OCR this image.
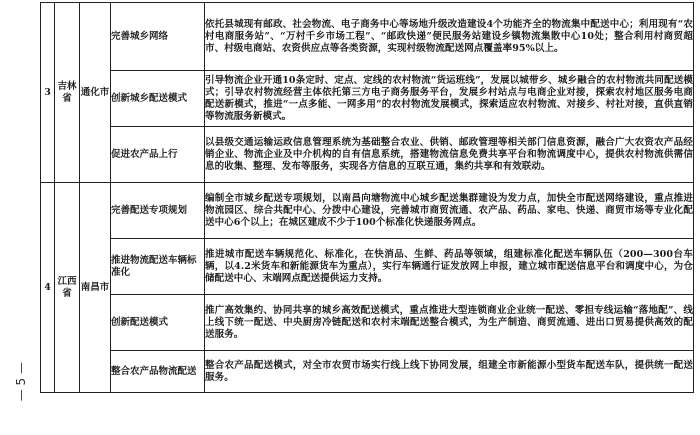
— 5 —
3	吉林省	通化市	完善城乡网络	依托县城现有邮政、社会物流、电子商务中心等场地升级改造建设4个功能齐全的物流集中配送中心；利用现有“农村电商服务站”、“万村千乡市场工程”、“邮政快递”便民服务站建设乡镇物流集散中心10处；整合利用村商贸超市、村级电商站、农资供应点等各类资源，实现村级物流配送网点覆盖率95%以上。
			创新城乡配送模式	引导物流企业开通10条定时、定点、定线的农村物流“货运班线”，发展以城带乡、城乡融合的农村物流共同配送模式；引导农村物流经营主体依托第三方电子商务服务平台，发展乡村站点与电商企业对接，探索农村地区服务电商配送新模式，推进“一点多能、一网多用”的农村物流发展模式，探索适应农村物流、对接乡、村社对接，直供直销等物流服务新模式。
			促进农产品上行	以县级交通运输运政信息管理系统为基础整合农业、供销、邮政管理等相关部门信息资源，融合广大农资农产品经销企业、物流企业及中介机构的自有信息系统，搭建物流信息免费共享平台和物流调度中心，提供农村物流供需信息的收集、整理、发布等服务，实现各方信息的互联互通，集约共享和有效联动。
4	江西省	南昌市	完善配送专项规划	编制全市城乡配送专项规划，以南昌向塘物流中心城乡配送集群建设为发力点，加快全市配送网络建设，重点推进物流园区、综合共配中心、分拨中心建设，完善城市商贸流通、农产品、药品、家电、快递、商贸市场等专业化配送中心6个以上；在城区建成不少于100个标准化快递服务网点。
			推进物流配送车辆标准化	推进城市配送车辆规范化、标准化，在快消品、生鲜、药品等领域，组建标准化配送车辆队伍（200—300台车辆，以4.2米货车和新能源货车为重点），实行车辆通行证发放网上申报，建立城市配送信息平台和调度中心，为仓储配送中心、末端网点配送提供运力支持。
			创新配送模式	推广高效集约、协同共享的城乡高效配送模式，重点推进大型连锁商业企业统一配送、零担专线运输“落地配”、线上线下统一配送、中央厨房冷链配送和农村末端配送整合模式，为生产制造、商贸流通、进出口贸易提供高效的配送服务。
			整合农产品物流配送	整合农产品配送模式，对全市农贸市场实行线上线下协同发展，组建全市新能源小型货车配送车队，提供统一配送服务。
